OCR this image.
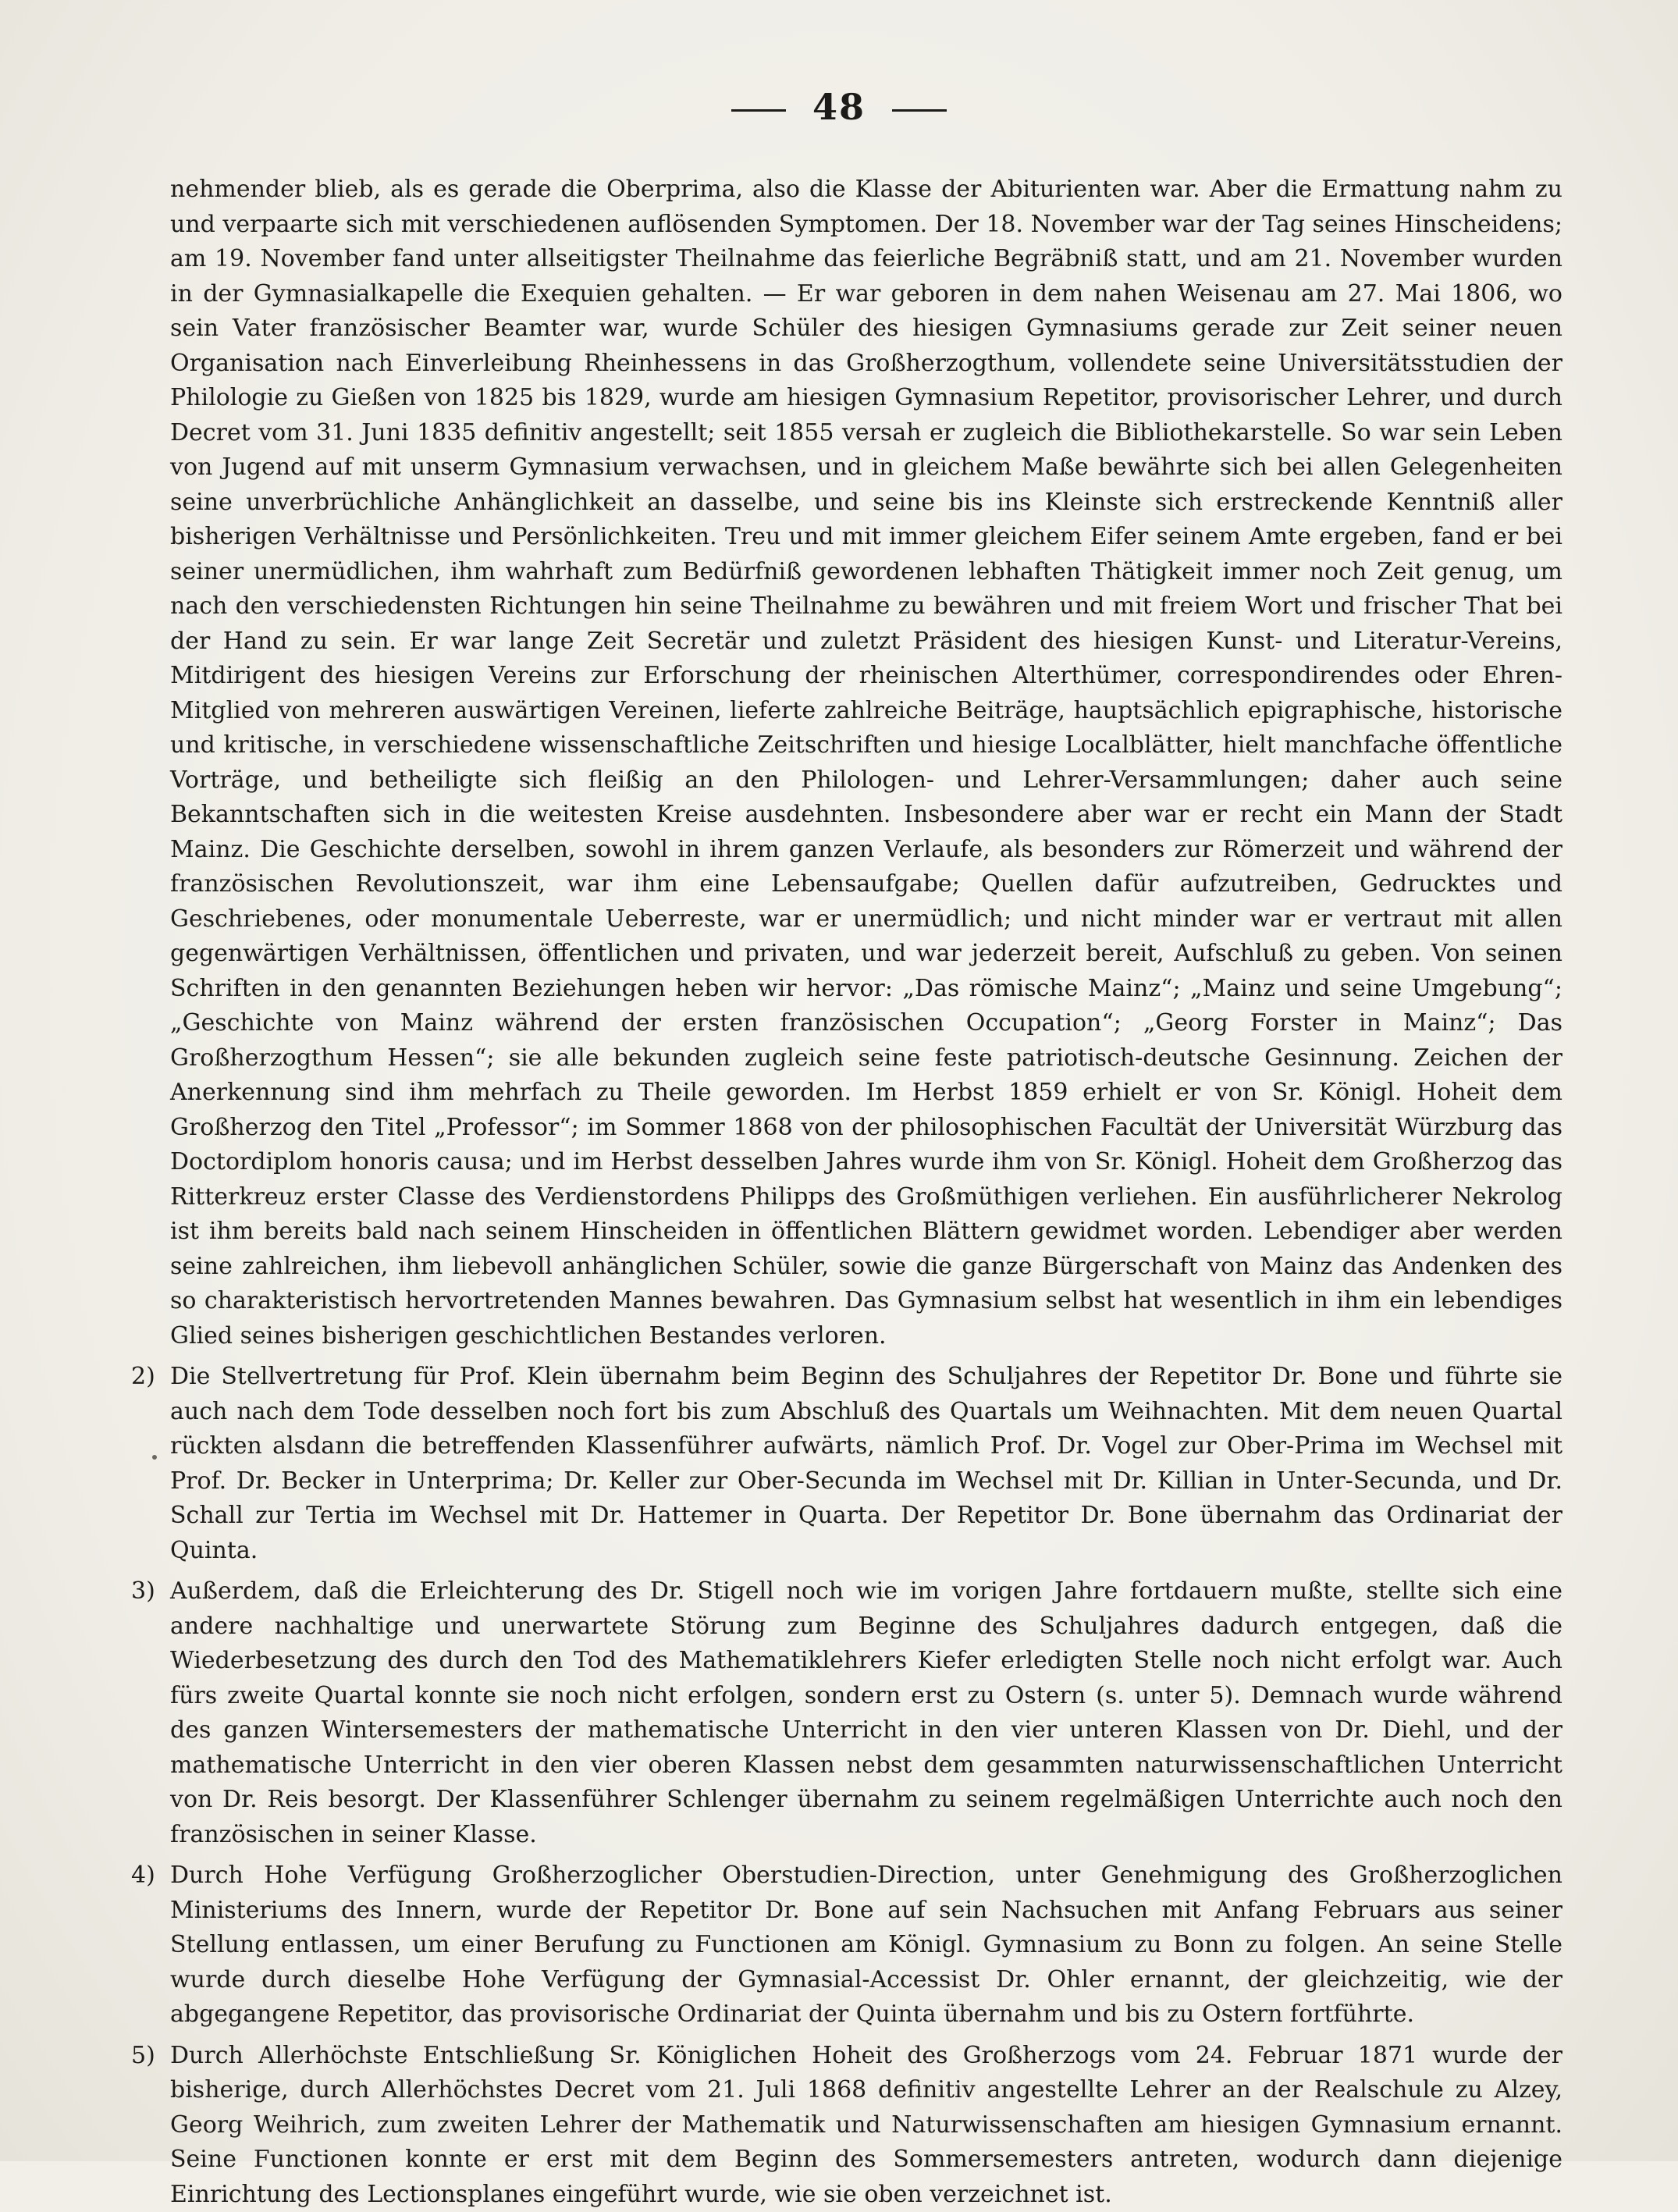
48

nehmender blieb, als es gerade die Oberprima, also die Klasse der Abiturienten war. Aber die Ermattung nahm zu und verpaarte sich mit verschiedenen auflösenden Symptomen. Der 18. November war der Tag seines Hinscheidens; am 19. November fand unter allseitigster Theilnahme das feierliche Begräbniß statt, und am 21. November wurden in der Gymnasialkapelle die Exequien gehalten. — Er war geboren in dem nahen Weisenau am 27. Mai 1806, wo sein Vater französischer Beamter war, wurde Schüler des hiesigen Gymnasiums gerade zur Zeit seiner neuen Organisation nach Einverleibung Rheinhessens in das Großherzogthum, vollendete seine Universitätsstudien der Philologie zu Gießen von 1825 bis 1829, wurde am hiesigen Gymnasium Repetitor, provisorischer Lehrer, und durch Decret vom 31. Juni 1835 definitiv angestellt; seit 1855 versah er zugleich die Bibliothekarstelle. So war sein Leben von Jugend auf mit unserm Gymnasium verwachsen, und in gleichem Maße bewährte sich bei allen Gelegenheiten seine unverbrüchliche Anhänglichkeit an dasselbe, und seine bis ins Kleinste sich erstreckende Kenntniß aller bisherigen Verhältnisse und Persönlichkeiten. Treu und mit immer gleichem Eifer seinem Amte ergeben, fand er bei seiner unermüdlichen, ihm wahrhaft zum Bedürfniß gewordenen lebhaften Thätigkeit immer noch Zeit genug, um nach den verschiedensten Richtungen hin seine Theilnahme zu bewähren und mit freiem Wort und frischer That bei der Hand zu sein. Er war lange Zeit Secretär und zuletzt Präsident des hiesigen Kunst- und Literatur-Vereins, Mitdirigent des hiesigen Vereins zur Erforschung der rheinischen Alterthümer, correspondirendes oder Ehren-Mitglied von mehreren auswärtigen Vereinen, lieferte zahlreiche Beiträge, hauptsächlich epigraphische, historische und kritische, in verschiedene wissenschaftliche Zeitschriften und hiesige Localblätter, hielt manchfache öffentliche Vorträge, und betheiligte sich fleißig an den Philologen- und Lehrer-Versammlungen; daher auch seine Bekanntschaften sich in die weitesten Kreise ausdehnten. Insbesondere aber war er recht ein Mann der Stadt Mainz. Die Geschichte derselben, sowohl in ihrem ganzen Verlaufe, als besonders zur Römerzeit und während der französischen Revolutionszeit, war ihm eine Lebensaufgabe; Quellen dafür aufzutreiben, Gedrucktes und Geschriebenes, oder monumentale Ueberreste, war er unermüdlich; und nicht minder war er vertraut mit allen gegenwärtigen Verhältnissen, öffentlichen und privaten, und war jederzeit bereit, Aufschluß zu geben. Von seinen Schriften in den genannten Beziehungen heben wir hervor: „Das römische Mainz“; „Mainz und seine Umgebung“; „Geschichte von Mainz während der ersten französischen Occupation“; „Georg Forster in Mainz“; Das Großherzogthum Hessen“; sie alle bekunden zugleich seine feste patriotisch-deutsche Gesinnung. Zeichen der Anerkennung sind ihm mehrfach zu Theile geworden. Im Herbst 1859 erhielt er von Sr. Königl. Hoheit dem Großherzog den Titel „Professor“; im Sommer 1868 von der philosophischen Facultät der Universität Würzburg das Doctordiplom honoris causa; und im Herbst desselben Jahres wurde ihm von Sr. Königl. Hoheit dem Großherzog das Ritterkreuz erster Classe des Verdienstordens Philipps des Großmüthigen verliehen. Ein ausführlicherer Nekrolog ist ihm bereits bald nach seinem Hinscheiden in öffentlichen Blättern gewidmet worden. Lebendiger aber werden seine zahlreichen, ihm liebevoll anhänglichen Schüler, sowie die ganze Bürgerschaft von Mainz das Andenken des so charakteristisch hervortretenden Mannes bewahren. Das Gymnasium selbst hat wesentlich in ihm ein lebendiges Glied seines bisherigen geschichtlichen Bestandes verloren.

2) Die Stellvertretung für Prof. Klein übernahm beim Beginn des Schuljahres der Repetitor Dr. Bone und führte sie auch nach dem Tode desselben noch fort bis zum Abschluß des Quartals um Weihnachten. Mit dem neuen Quartal rückten alsdann die betreffenden Klassenführer aufwärts, nämlich Prof. Dr. Vogel zur Ober-Prima im Wechsel mit Prof. Dr. Becker in Unterprima; Dr. Keller zur Ober-Secunda im Wechsel mit Dr. Killian in Unter-Secunda, und Dr. Schall zur Tertia im Wechsel mit Dr. Hattemer in Quarta. Der Repetitor Dr. Bone übernahm das Ordinariat der Quinta.

3) Außerdem, daß die Erleichterung des Dr. Stigell noch wie im vorigen Jahre fortdauern mußte, stellte sich eine andere nachhaltige und unerwartete Störung zum Beginne des Schuljahres dadurch entgegen, daß die Wiederbesetzung des durch den Tod des Mathematiklehrers Kiefer erledigten Stelle noch nicht erfolgt war. Auch fürs zweite Quartal konnte sie noch nicht erfolgen, sondern erst zu Ostern (s. unter 5). Demnach wurde während des ganzen Wintersemesters der mathematische Unterricht in den vier unteren Klassen von Dr. Diehl, und der mathematische Unterricht in den vier oberen Klassen nebst dem gesammten naturwissenschaftlichen Unterricht von Dr. Reis besorgt. Der Klassenführer Schlenger übernahm zu seinem regelmäßigen Unterrichte auch noch den französischen in seiner Klasse.

4) Durch Hohe Verfügung Großherzoglicher Oberstudien-Direction, unter Genehmigung des Großherzoglichen Ministeriums des Innern, wurde der Repetitor Dr. Bone auf sein Nachsuchen mit Anfang Februars aus seiner Stellung entlassen, um einer Berufung zu Functionen am Königl. Gymnasium zu Bonn zu folgen. An seine Stelle wurde durch dieselbe Hohe Verfügung der Gymnasial-Accessist Dr. Ohler ernannt, der gleichzeitig, wie der abgegangene Repetitor, das provisorische Ordinariat der Quinta übernahm und bis zu Ostern fortführte.

5) Durch Allerhöchste Entschließung Sr. Königlichen Hoheit des Großherzogs vom 24. Februar 1871 wurde der bisherige, durch Allerhöchstes Decret vom 21. Juli 1868 definitiv angestellte Lehrer an der Realschule zu Alzey, Georg Weihrich, zum zweiten Lehrer der Mathematik und Naturwissenschaften am hiesigen Gymnasium ernannt. Seine Functionen konnte er erst mit dem Beginn des Sommersemesters antreten, wodurch dann diejenige Einrichtung des Lectionsplanes eingeführt wurde, wie sie oben verzeichnet ist.
